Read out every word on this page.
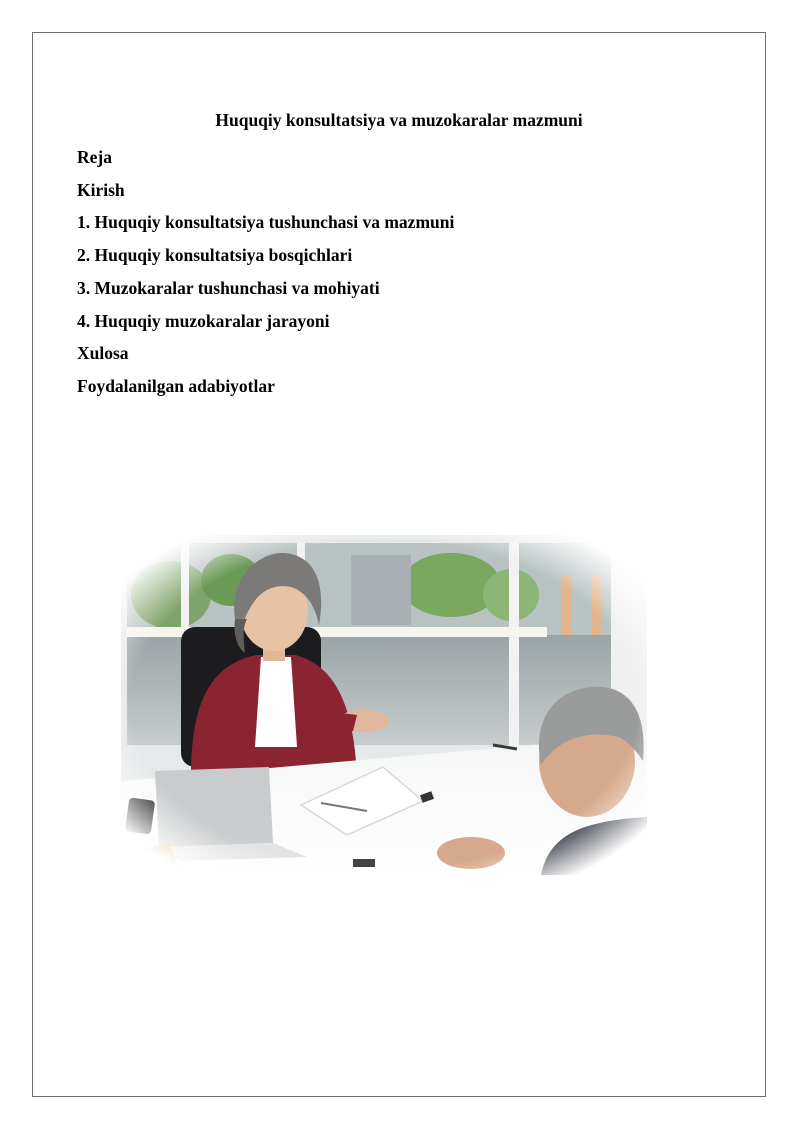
Huquqiy konsultatsiya va muzokaralar mazmuni
Reja
Kirish
1. Huquqiy konsultatsiya tushunchasi va mazmuni
2. Huquqiy konsultatsiya bosqichlari
3. Muzokaralar tushunchasi va mohiyati
4. Huquqiy muzokaralar jarayoni
Xulosa
Foydalanilgan adabiyotlar
